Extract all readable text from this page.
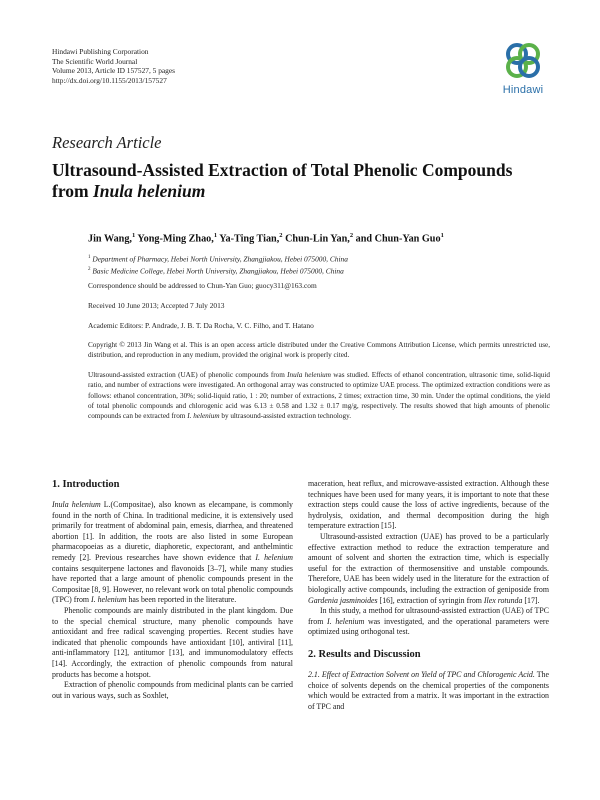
Hindawi Publishing Corporation
The Scientific World Journal
Volume 2013, Article ID 157527, 5 pages
http://dx.doi.org/10.1155/2013/157527
Hindawi
Research Article
Ultrasound-Assisted Extraction of Total Phenolic Compounds
from Inula helenium
Jin Wang,$^1$ Yong-Ming Zhao,$^1$ Ya-Ting Tian,$^2$ Chun-Lin Yan,$^2$ and Chun-Yan Guo$^1$
$^1$ Department of Pharmacy, Hebei North University, Zhangjiakou, Hebei 075000, China
$^2$ Basic Medicine College, Hebei North University, Zhangjiakou, Hebei 075000, China
Correspondence should be addressed to Chun-Yan Guo; guocy311@163.com
Received 10 June 2013; Accepted 7 July 2013
Academic Editors: P. Andrade, J. B. T. Da Rocha, V. C. Filho, and T. Hatano
Copyright © 2013 Jin Wang et al. This is an open access article distributed under the Creative Commons Attribution License, which permits unrestricted use, distribution, and reproduction in any medium, provided the original work is properly cited.
Ultrasound-assisted extraction (UAE) of phenolic compounds from Inula helenium was studied. Effects of ethanol concentration, ultrasonic time, solid-liquid ratio, and number of extractions were investigated. An orthogonal array was constructed to optimize UAE process. The optimized extraction conditions were as follows: ethanol concentration, 30%; solid-liquid ratio, 1 : 20; number of extractions, 2 times; extraction time, 30 min. Under the optimal conditions, the yield of total phenolic compounds and chlorogenic acid was 6.13 ± 0.58 and 1.32 ± 0.17 mg/g, respectively. The results showed that high amounts of phenolic compounds can be extracted from I. helenium by ultrasound-assisted extraction technology.
1. Introduction

Inula helenium L.(Compositae), also known as elecampane, is commonly found in the north of China. In traditional medicine, it is extensively used primarily for treatment of abdominal pain, emesis, diarrhea, and threatened abortion [1]. In addition, the roots are also listed in some European pharmacopoeias as a diuretic, diaphoretic, expectorant, and anthelmintic remedy [2]. Previous researches have shown evidence that I. helenium contains sesquiterpene lactones and flavonoids [3–7], while many studies have reported that a large amount of phenolic compounds present in the Compositae [8, 9]. However, no relevant work on total phenolic compounds (TPC) from I. helenium has been reported in the literature.

Phenolic compounds are mainly distributed in the plant kingdom. Due to the special chemical structure, many phenolic compounds have antioxidant and free radical scavenging properties. Recent studies have indicated that phenolic compounds have antioxidant [10], antiviral [11], anti-inflammatory [12], antitumor [13], and immunomodulatory effects [14]. Accordingly, the extraction of phenolic compounds from natural products has become a hotspot.

Extraction of phenolic compounds from medicinal plants can be carried out in various ways, such as Soxhlet,

maceration, heat reflux, and microwave-assisted extraction. Although these techniques have been used for many years, it is important to note that these extraction steps could cause the loss of active ingredients, because of the hydrolysis, oxidation, and thermal decomposition during the high temperature extraction [15].

Ultrasound-assisted extraction (UAE) has proved to be a particularly effective extraction method to reduce the extraction temperature and amount of solvent and shorten the extraction time, which is especially useful for the extraction of thermosensitive and unstable compounds. Therefore, UAE has been widely used in the literature for the extraction of biologically active compounds, including the extraction of geniposide from Gardenia jasminoides [16], extraction of syringin from Ilex rotunda [17].

In this study, a method for ultrasound-assisted extraction (UAE) of TPC from I. helenium was investigated, and the operational parameters were optimized using orthogonal test.

2. Results and Discussion

2.1. Effect of Extraction Solvent on Yield of TPC and Chlorogenic Acid. The choice of solvents depends on the chemical properties of the components which would be extracted from a matrix. It was important in the extraction of TPC and
